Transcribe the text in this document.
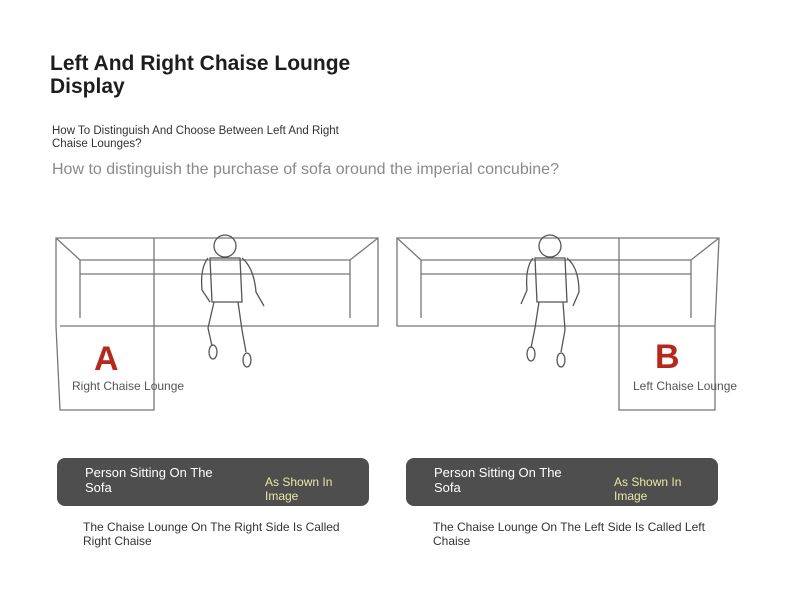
Left And Right Chaise Lounge Display
How To Distinguish And Choose Between Left And Right Chaise Lounges?
How to distinguish the purchase of sofa oround the imperial concubine?
A
Right Chaise Lounge
B
Left Chaise Lounge
Person Sitting On The Sofa	As Shown In Image
Person Sitting On The Sofa	As Shown In Image
The Chaise Lounge On The Right Side Is Called Right Chaise
The Chaise Lounge On The Left Side Is Called Left Chaise
